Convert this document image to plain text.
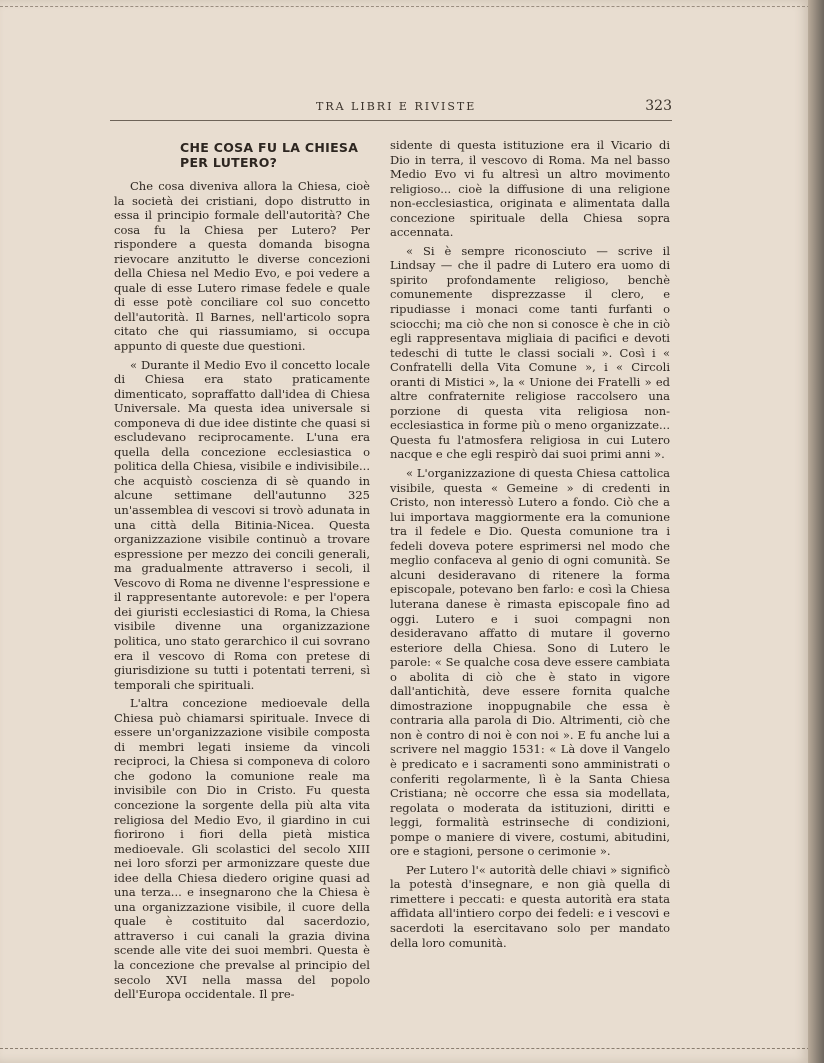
TRA LIBRI E RIVISTE	323
CHE COSA FU LA CHIESA
PER LUTERO?

Che cosa diveniva allora la Chiesa, cioè la società dei cristiani, dopo distrutto in essa il principio formale dell'autorità? Che cosa fu la Chiesa per Lutero? Per rispondere a questa domanda bisogna rievocare anzitutto le diverse concezioni della Chiesa nel Medio Evo, e poi vedere a quale di esse Lutero rimase fedele e quale di esse potè conciliare col suo concetto dell'autorità. Il Barnes, nell'articolo sopra citato che qui riassumiamo, si occupa appunto di queste due questioni.

« Durante il Medio Evo il concetto locale di Chiesa era stato praticamente dimenticato, sopraffatto dall'idea di Chiesa Universale. Ma questa idea universale si componeva di due idee distinte che quasi si escludevano reciprocamente. L'una era quella della concezione ecclesiastica o politica della Chiesa, visibile e indivisibile... che acquistò coscienza di sè quando in alcune settimane dell'autunno 325 un'assemblea di vescovi si trovò adunata in una città della Bitinia-Nicea. Questa organizzazione visibile continuò a trovare espressione per mezzo dei concili generali, ma gradualmente attraverso i secoli, il Vescovo di Roma ne divenne l'espressione e il rappresentante autorevole: e per l'opera dei giuristi ecclesiastici di Roma, la Chiesa visibile divenne una organizzazione politica, uno stato gerarchico il cui sovrano era il vescovo di Roma con pretese di giurisdizione su tutti i potentati terreni, sì temporali che spirituali.

L'altra concezione medioevale della Chiesa può chiamarsi spirituale. Invece di essere un'organizzazione visibile composta di membri legati insieme da vincoli reciproci, la Chiesa si componeva di coloro che godono la comunione reale ma invisibile con Dio in Cristo. Fu questa concezione la sorgente della più alta vita religiosa del Medio Evo, il giardino in cui fiorirono i fiori della pietà mistica medioevale. Gli scolastici del secolo XIII nei loro sforzi per armonizzare queste due idee della Chiesa diedero origine quasi ad una terza... e insegnarono che la Chiesa è una organizzazione visibile, il cuore della quale è costituito dal sacerdozio, attraverso i cui canali la grazia divina scende alle vite dei suoi membri. Questa è la concezione che prevalse al principio del secolo XVI nella massa del popolo dell'Europa occidentale. Il pre-

sidente di questa istituzione era il Vicario di Dio in terra, il vescovo di Roma. Ma nel basso Medio Evo vi fu altresì un altro movimento religioso... cioè la diffusione di una religione non-ecclesiastica, originata e alimentata dalla concezione spirituale della Chiesa sopra accennata.

« Si è sempre riconosciuto — scrive il Lindsay — che il padre di Lutero era uomo di spirito profondamente religioso, benchè comunemente disprezzasse il clero, e ripudiasse i monaci come tanti furfanti o sciocchi; ma ciò che non si conosce è che in ciò egli rappresentava migliaia di pacifici e devoti tedeschi di tutte le classi sociali ». Così i « Confratelli della Vita Comune », i « Circoli oranti di Mistici », la « Unione dei Fratelli » ed altre confraternite religiose raccolsero una porzione di questa vita religiosa non-ecclesiastica in forme più o meno organizzate... Questa fu l'atmosfera religiosa in cui Lutero nacque e che egli respirò dai suoi primi anni ».

« L'organizzazione di questa Chiesa cattolica visibile, questa « Gemeine » di credenti in Cristo, non interessò Lutero a fondo. Ciò che a lui importava maggiormente era la comunione tra il fedele e Dio. Questa comunione tra i fedeli doveva potere esprimersi nel modo che meglio confaceva al genio di ogni comunità. Se alcuni desideravano di ritenere la forma episcopale, potevano ben farlo: e così la Chiesa luterana danese è rimasta episcopale fino ad oggi. Lutero e i suoi compagni non desideravano affatto di mutare il governo esteriore della Chiesa. Sono di Lutero le parole: « Se qualche cosa deve essere cambiata o abolita di ciò che è stato in vigore dall'antichità, deve essere fornita qualche dimostrazione inoppugnabile che essa è contraria alla parola di Dio. Altrimenti, ciò che non è contro di noi è con noi ». E fu anche lui a scrivere nel maggio 1531: « Là dove il Vangelo è predicato e i sacramenti sono amministrati o conferiti regolarmente, lì è la Santa Chiesa Cristiana; nè occorre che essa sia modellata, regolata o moderata da istituzioni, diritti e leggi, formalità estrinseche di condizioni, pompe o maniere di vivere, costumi, abitudini, ore e stagioni, persone o cerimonie ».

Per Lutero l'« autorità delle chiavi » significò la potestà d'insegnare, e non già quella di rimettere i peccati: e questa autorità era stata affidata all'intiero corpo dei fedeli: e i vescovi e sacerdoti la esercitavano solo per mandato della loro comunità.
